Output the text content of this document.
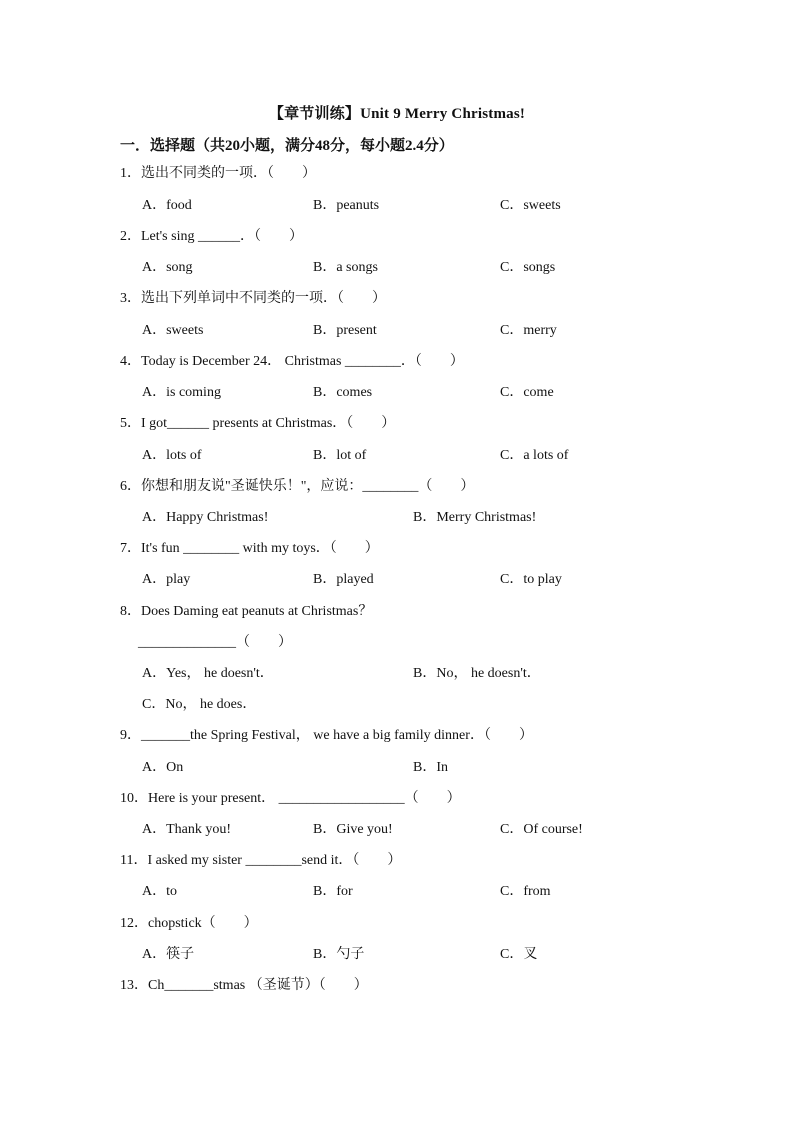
【章节训练】Unit 9 Merry Christmas!
一．选择题（共20小题，满分48分，每小题2.4分）
1．选出不同类的一项．（　　）
A．food	B．peanuts	C．sweets
2．Let's sing ______．（　　）
A．song	B．a songs	C．songs
3．选出下列单词中不同类的一项．（　　）
A．sweets	B．present	C．merry
4．Today is December 24． Christmas ________．（　　）
A．is coming	B．comes	C．come
5．I got______ presents at Christmas．（　　）
A．lots of	B．lot of	C．a lots of
6．你想和朋友说"圣诞快乐！"，应说：________（　　）
A．Happy Christmas!	B．Merry Christmas!
7．It's fun ________ with my toys．（　　）
A．play	B．played	C．to play
8．Does Daming eat peanuts at Christmas？
______________（　　）
A．Yes， he doesn't．	B．No， he doesn't．
C．No， he does．
9．_______the Spring Festival， we have a big family dinner．（　　）
A．On	B．In
10．Here is your present． __________________（　　）
A．Thank you!	B．Give you!	C．Of course!
11．I asked my sister ________send it．（　　）
A．to	B．for	C．from
12．chopstick（　　）
A．筷子	B．勺子	C．叉
13．Ch_______stmas （圣诞节）（　　）
